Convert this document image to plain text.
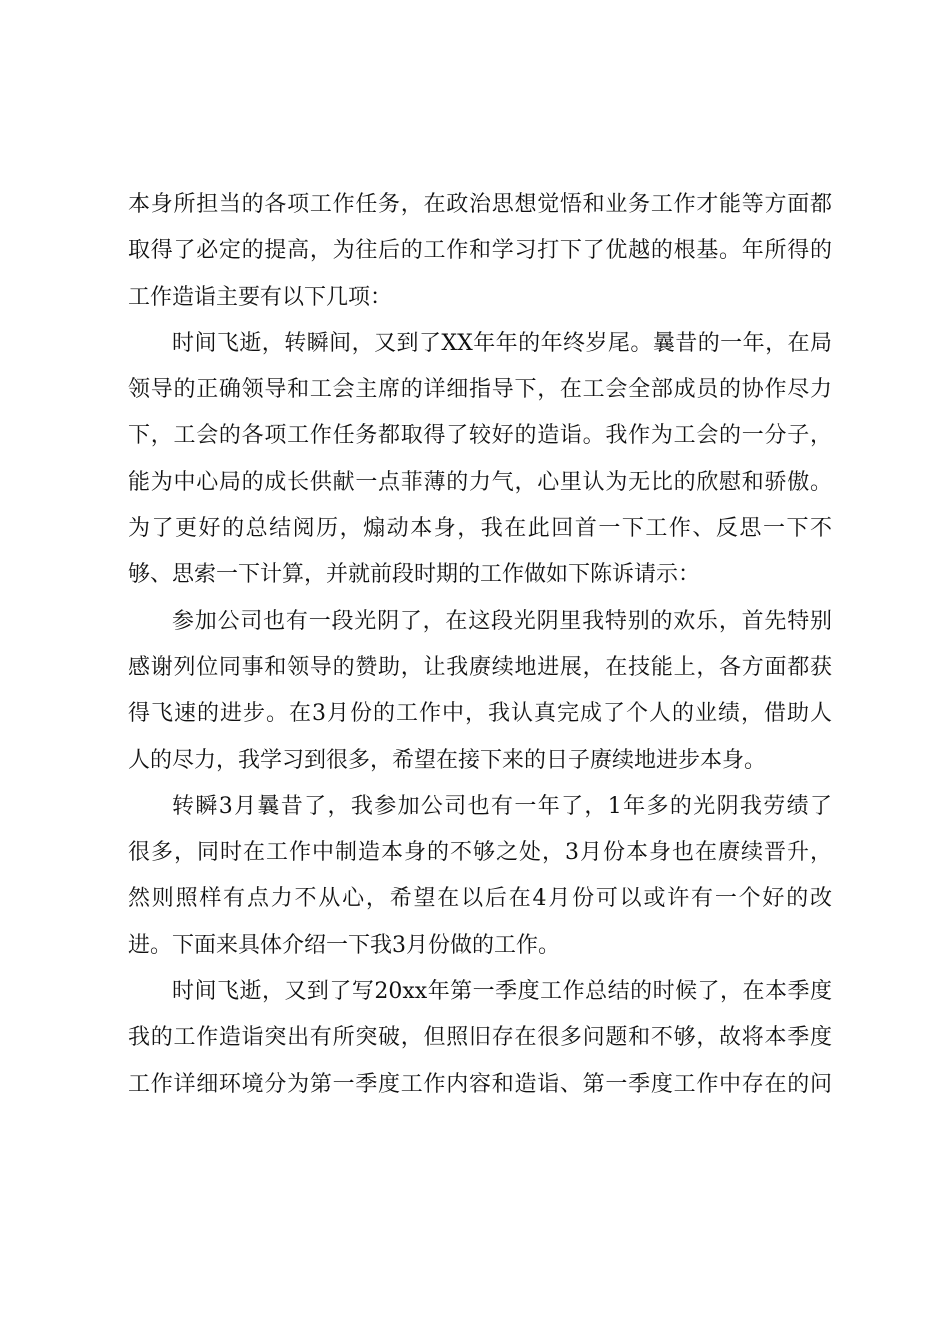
本身所担当的各项工作任务，在政治思想觉悟和业务工作才能等方面都
取得了必定的提高，为往后的工作和学习打下了优越的根基。年所得的
工作造诣主要有以下几项：
时间飞逝，转瞬间，又到了XX年年的年终岁尾。曩昔的一年，在局
领导的正确领导和工会主席的详细指导下，在工会全部成员的协作尽力
下，工会的各项工作任务都取得了较好的造诣。我作为工会的一分子，
能为中心局的成长供献一点菲薄的力气，心里认为无比的欣慰和骄傲。
为了更好的总结阅历，煽动本身，我在此回首一下工作、反思一下不
够、思索一下计算，并就前段时期的工作做如下陈诉请示：
参加公司也有一段光阴了，在这段光阴里我特别的欢乐，首先特别
感谢列位同事和领导的赞助，让我赓续地进展，在技能上，各方面都获
得飞速的进步。在3月份的工作中，我认真完成了个人的业绩，借助人
人的尽力，我学习到很多，希望在接下来的日子赓续地进步本身。
转瞬3月曩昔了，我参加公司也有一年了，1年多的光阴我劳绩了
很多，同时在工作中制造本身的不够之处，3月份本身也在赓续晋升，
然则照样有点力不从心，希望在以后在4月份可以或许有一个好的改
进。下面来具体介绍一下我3月份做的工作。
时间飞逝，又到了写20xx年第一季度工作总结的时候了，在本季度
我的工作造诣突出有所突破，但照旧存在很多问题和不够，故将本季度
工作详细环境分为第一季度工作内容和造诣、第一季度工作中存在的问
